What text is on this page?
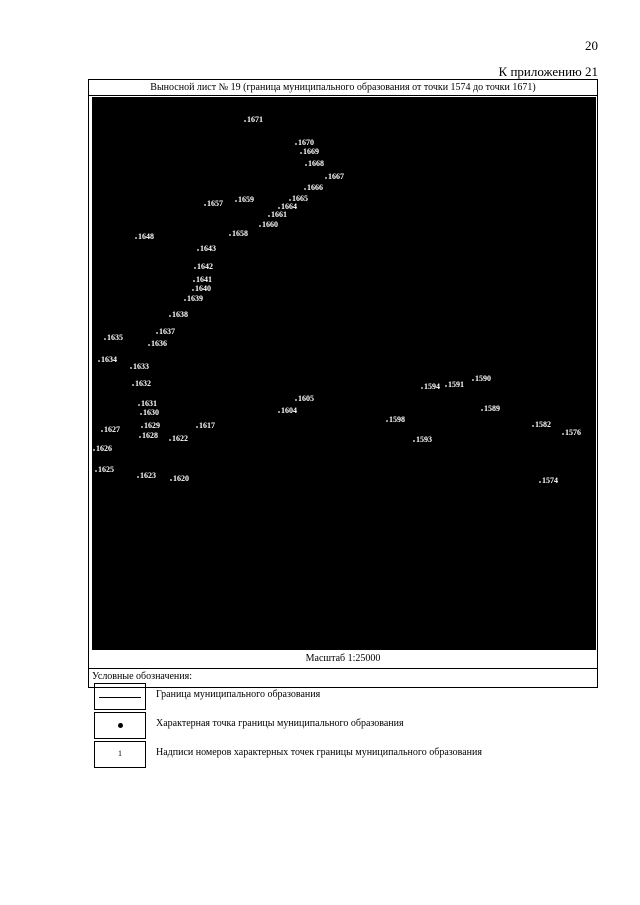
20
К приложению 21
Выносной лист № 19 (граница муниципального образования от точки 1574 до точки 1671)
1671
1670
1669
1668
1667
1666
1665
1664
1661
1660
1659
1657
1658
1648
1643
1642
1641
1640
1639
1638
1637
1636
1635
1634
1633
1632
1631
1630
1629
1628 1622
1617
1627
1626
1625
1623 1620
1605
1604
1598
1593
1594 1591
1590
1589
1582
1576
1574
Масштаб 1:25000
Условные обозначения:
Граница муниципального образования
Характерная точка границы муниципального образования
1	Надписи номеров характерных точек границы муниципального образования
